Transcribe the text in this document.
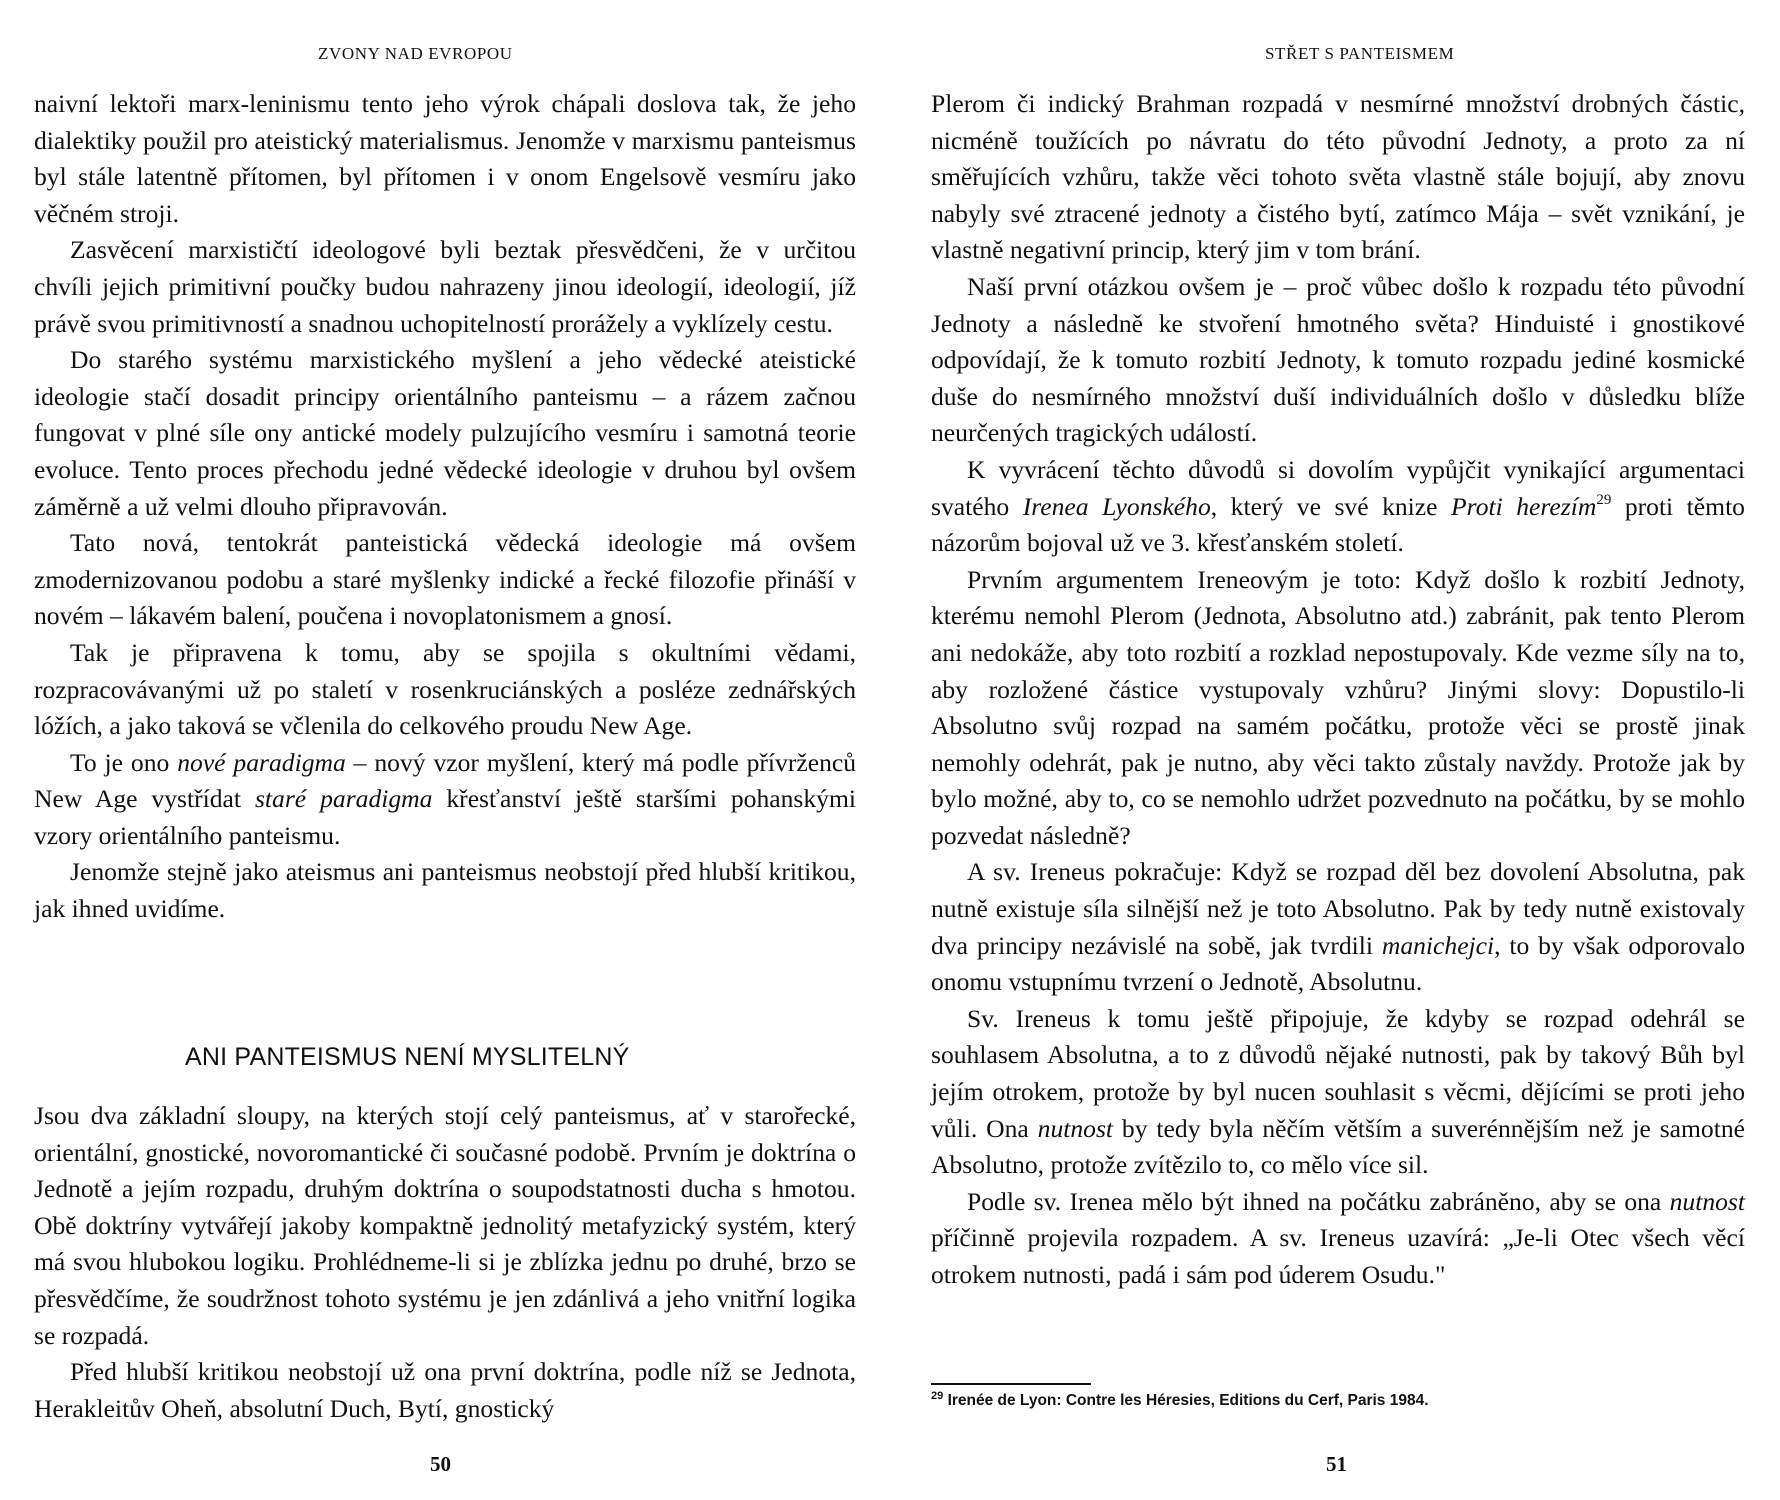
ZVONY NAD EVROPOU

naivní lektoři marx-leninismu tento jeho výrok chápali doslova tak, že jeho dialektiky použil pro ateistický materialismus. Jenomže v marxismu panteismus byl stále latentně přítomen, byl přítomen i v onom Engelsově vesmíru jako věčném stroji.

Zasvěcení marxističtí ideologové byli beztak přesvědčeni, že v určitou chvíli jejich primitivní poučky budou nahrazeny jinou ideologií, ideologií, jíž právě svou primitivností a snadnou uchopitelností prorážely a vyklízely cestu.

Do starého systému marxistického myšlení a jeho vědecké ateistické ideologie stačí dosadit principy orientálního panteismu – a rázem začnou fungovat v plné síle ony antické modely pulzujícího vesmíru i samotná teorie evoluce. Tento proces přechodu jedné vědecké ideologie v druhou byl ovšem záměrně a už velmi dlouho připravován.

Tato nová, tentokrát panteistická vědecká ideologie má ovšem zmodernizovanou podobu a staré myšlenky indické a řecké filozofie přináší v novém – lákavém balení, poučena i novoplatonismem a gnosí.

Tak je připravena k tomu, aby se spojila s okultními vědami, rozpracovávanými už po staletí v rosenkruciánských a posléze zednářských lóžích, a jako taková se včlenila do celkového proudu New Age.

To je ono nové paradigma – nový vzor myšlení, který má podle přívrženců New Age vystřídat staré paradigma křesťanství ještě staršími pohanskými vzory orientálního panteismu.

Jenomže stejně jako ateismus ani panteismus neobstojí před hlubší kritikou, jak ihned uvidíme.

ANI PANTEISMUS NENÍ MYSLITELNÝ

Jsou dva základní sloupy, na kterých stojí celý panteismus, ať v starořecké, orientální, gnostické, novoromantické či současné podobě. Prvním je doktrína o Jednotě a jejím rozpadu, druhým doktrína o soupodstatnosti ducha s hmotou. Obě doktríny vytvářejí jakoby kompaktně jednolitý metafyzický systém, který má svou hlubokou logiku. Prohlédneme-li si je zblízka jednu po druhé, brzo se přesvědčíme, že soudržnost tohoto systému je jen zdánlivá a jeho vnitřní logika se rozpadá.

Před hlubší kritikou neobstojí už ona první doktrína, podle níž se Jednota, Herakleitův Oheň, absolutní Duch, Bytí, gnostický

50
STŘET S PANTEISMEM

Plerom či indický Brahman rozpadá v nesmírné množství drobných částic, nicméně toužících po návratu do této původní Jednoty, a proto za ní směřujících vzhůru, takže věci tohoto světa vlastně stále bojují, aby znovu nabyly své ztracené jednoty a čistého bytí, zatímco Mája – svět vznikání, je vlastně negativní princip, který jim v tom brání.

Naší první otázkou ovšem je – proč vůbec došlo k rozpadu této původní Jednoty a následně ke stvoření hmotného světa? Hinduisté i gnostikové odpovídají, že k tomuto rozbití Jednoty, k tomuto rozpadu jediné kosmické duše do nesmírného množství duší individuálních došlo v důsledku blíže neurčených tragických událostí.

K vyvrácení těchto důvodů si dovolím vypůjčit vynikající argumentaci svatého Irenea Lyonského, který ve své knize Proti herezím$^{29}$ proti těmto názorům bojoval už ve 3. křesťanském století.

Prvním argumentem Ireneovým je toto: Když došlo k rozbití Jednoty, kterému nemohl Plerom (Jednota, Absolutno atd.) zabránit, pak tento Plerom ani nedokáže, aby toto rozbití a rozklad nepostupovaly. Kde vezme síly na to, aby rozložené částice vystupovaly vzhůru? Jinými slovy: Dopustilo-li Absolutno svůj rozpad na samém počátku, protože věci se prostě jinak nemohly odehrát, pak je nutno, aby věci takto zůstaly navždy. Protože jak by bylo možné, aby to, co se nemohlo udržet pozvednuto na počátku, by se mohlo pozvedat následně?

A sv. Ireneus pokračuje: Když se rozpad děl bez dovolení Absolutna, pak nutně existuje síla silnější než je toto Absolutno. Pak by tedy nutně existovaly dva principy nezávislé na sobě, jak tvrdili manichejci, to by však odporovalo onomu vstupnímu tvrzení o Jednotě, Absolutnu.

Sv. Ireneus k tomu ještě připojuje, že kdyby se rozpad odehrál se souhlasem Absolutna, a to z důvodů nějaké nutnosti, pak by takový Bůh byl jejím otrokem, protože by byl nucen souhlasit s věcmi, dějícími se proti jeho vůli. Ona nutnost by tedy byla něčím větším a suverénnějším než je samotné Absolutno, protože zvítězilo to, co mělo více sil.

Podle sv. Irenea mělo být ihned na počátku zabráněno, aby se ona nutnost příčinně projevila rozpadem. A sv. Ireneus uzavírá: „Je-li Otec všech věcí otrokem nutnosti, padá i sám pod úderem Osudu."

$^{29}$ Irenée de Lyon: Contre les Héresies, Editions du Cerf, Paris 1984.
51
